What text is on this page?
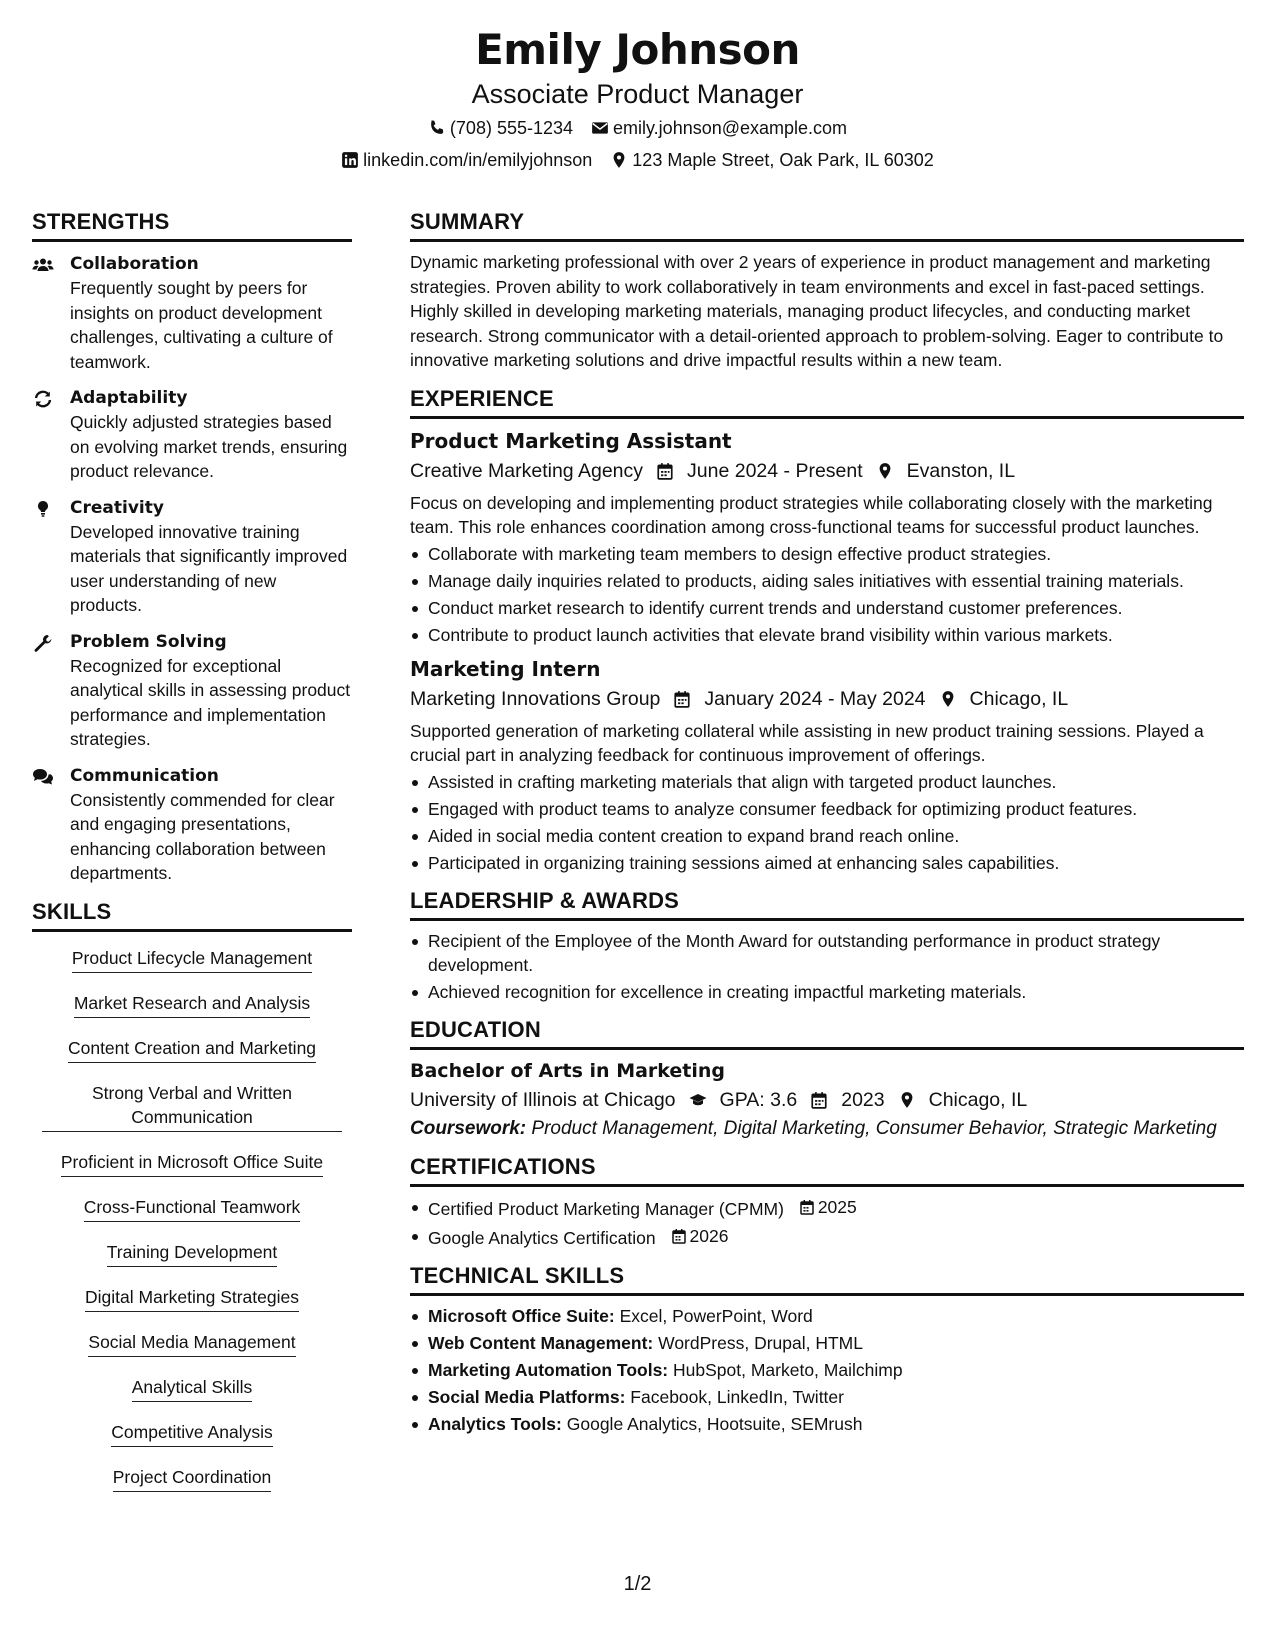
Emily Johnson
Associate Product Manager
(708) 555-1234 emily.johnson@example.com
linkedin.com/in/emilyjohnson 123 Maple Street, Oak Park, IL 60302
STRENGTHS
Collaboration
Frequently sought by peers for insights on product development challenges, cultivating a culture of teamwork.
Adaptability
Quickly adjusted strategies based on evolving market trends, ensuring product relevance.
Creativity
Developed innovative training materials that significantly improved user understanding of new products.
Problem Solving
Recognized for exceptional analytical skills in assessing product performance and implementation strategies.
Communication
Consistently commended for clear and engaging presentations, enhancing collaboration between departments.
SKILLS
Product Lifecycle Management
Market Research and Analysis
Content Creation and Marketing
Strong Verbal and Written Communication
Proficient in Microsoft Office Suite
Cross-Functional Teamwork
Training Development
Digital Marketing Strategies
Social Media Management
Analytical Skills
Competitive Analysis
Project Coordination
SUMMARY
Dynamic marketing professional with over 2 years of experience in product management and marketing strategies. Proven ability to work collaboratively in team environments and excel in fast-paced settings. Highly skilled in developing marketing materials, managing product lifecycles, and conducting market research. Strong communicator with a detail-oriented approach to problem-solving. Eager to contribute to innovative marketing solutions and drive impactful results within a new team.
EXPERIENCE
Product Marketing Assistant
Creative Marketing Agency June 2024 - Present Evanston, IL
Focus on developing and implementing product strategies while collaborating closely with the marketing team. This role enhances coordination among cross-functional teams for successful product launches.
Collaborate with marketing team members to design effective product strategies.
Manage daily inquiries related to products, aiding sales initiatives with essential training materials.
Conduct market research to identify current trends and understand customer preferences.
Contribute to product launch activities that elevate brand visibility within various markets.
Marketing Intern
Marketing Innovations Group January 2024 - May 2024 Chicago, IL
Supported generation of marketing collateral while assisting in new product training sessions. Played a crucial part in analyzing feedback for continuous improvement of offerings.
Assisted in crafting marketing materials that align with targeted product launches.
Engaged with product teams to analyze consumer feedback for optimizing product features.
Aided in social media content creation to expand brand reach online.
Participated in organizing training sessions aimed at enhancing sales capabilities.
LEADERSHIP & AWARDS
Recipient of the Employee of the Month Award for outstanding performance in product strategy development.
Achieved recognition for excellence in creating impactful marketing materials.
EDUCATION
Bachelor of Arts in Marketing
University of Illinois at Chicago GPA: 3.6 2023 Chicago, IL
Coursework: Product Management, Digital Marketing, Consumer Behavior, Strategic Marketing
CERTIFICATIONS
Certified Product Marketing Manager (CPMM) 2025
Google Analytics Certification 2026
TECHNICAL SKILLS
Microsoft Office Suite: Excel, PowerPoint, Word
Web Content Management: WordPress, Drupal, HTML
Marketing Automation Tools: HubSpot, Marketo, Mailchimp
Social Media Platforms: Facebook, LinkedIn, Twitter
Analytics Tools: Google Analytics, Hootsuite, SEMrush
1/2
